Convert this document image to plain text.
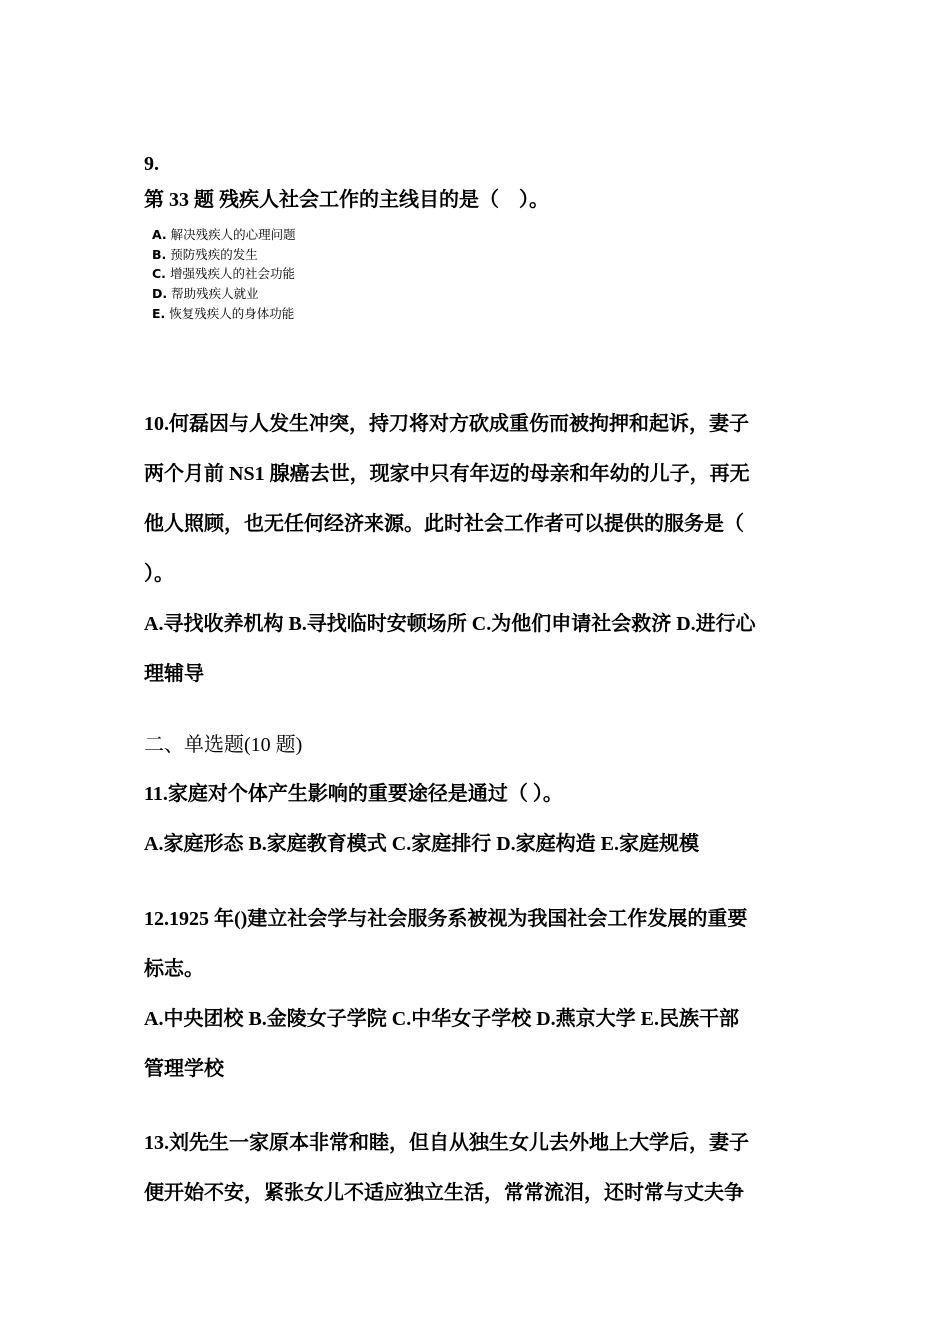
9.
第 33 题 残疾人社会工作的主线目的是（　）。
A. 解决残疾人的心理问题
B. 预防残疾的发生
C. 增强残疾人的社会功能
D. 帮助残疾人就业
E. 恢复残疾人的身体功能
10.何磊因与人发生冲突，持刀将对方砍成重伤而被拘押和起诉，妻子
两个月前 NS1 腺癌去世，现家中只有年迈的母亲和年幼的儿子，再无
他人照顾，也无任何经济来源。此时社会工作者可以提供的服务是（
）。
A.寻找收养机构 B.寻找临时安顿场所 C.为他们申请社会救济 D.进行心
理辅导
二、单选题(10 题)
11.家庭对个体产生影响的重要途径是通过（ ）。
A.家庭形态 B.家庭教育模式 C.家庭排行 D.家庭构造 E.家庭规模
12.1925 年()建立社会学与社会服务系被视为我国社会工作发展的重要
标志。
A.中央团校 B.金陵女子学院 C.中华女子学校 D.燕京大学 E.民族干部
管理学校
13.刘先生一家原本非常和睦，但自从独生女儿去外地上大学后，妻子
便开始不安，紧张女儿不适应独立生活，常常流泪，还时常与丈夫争
